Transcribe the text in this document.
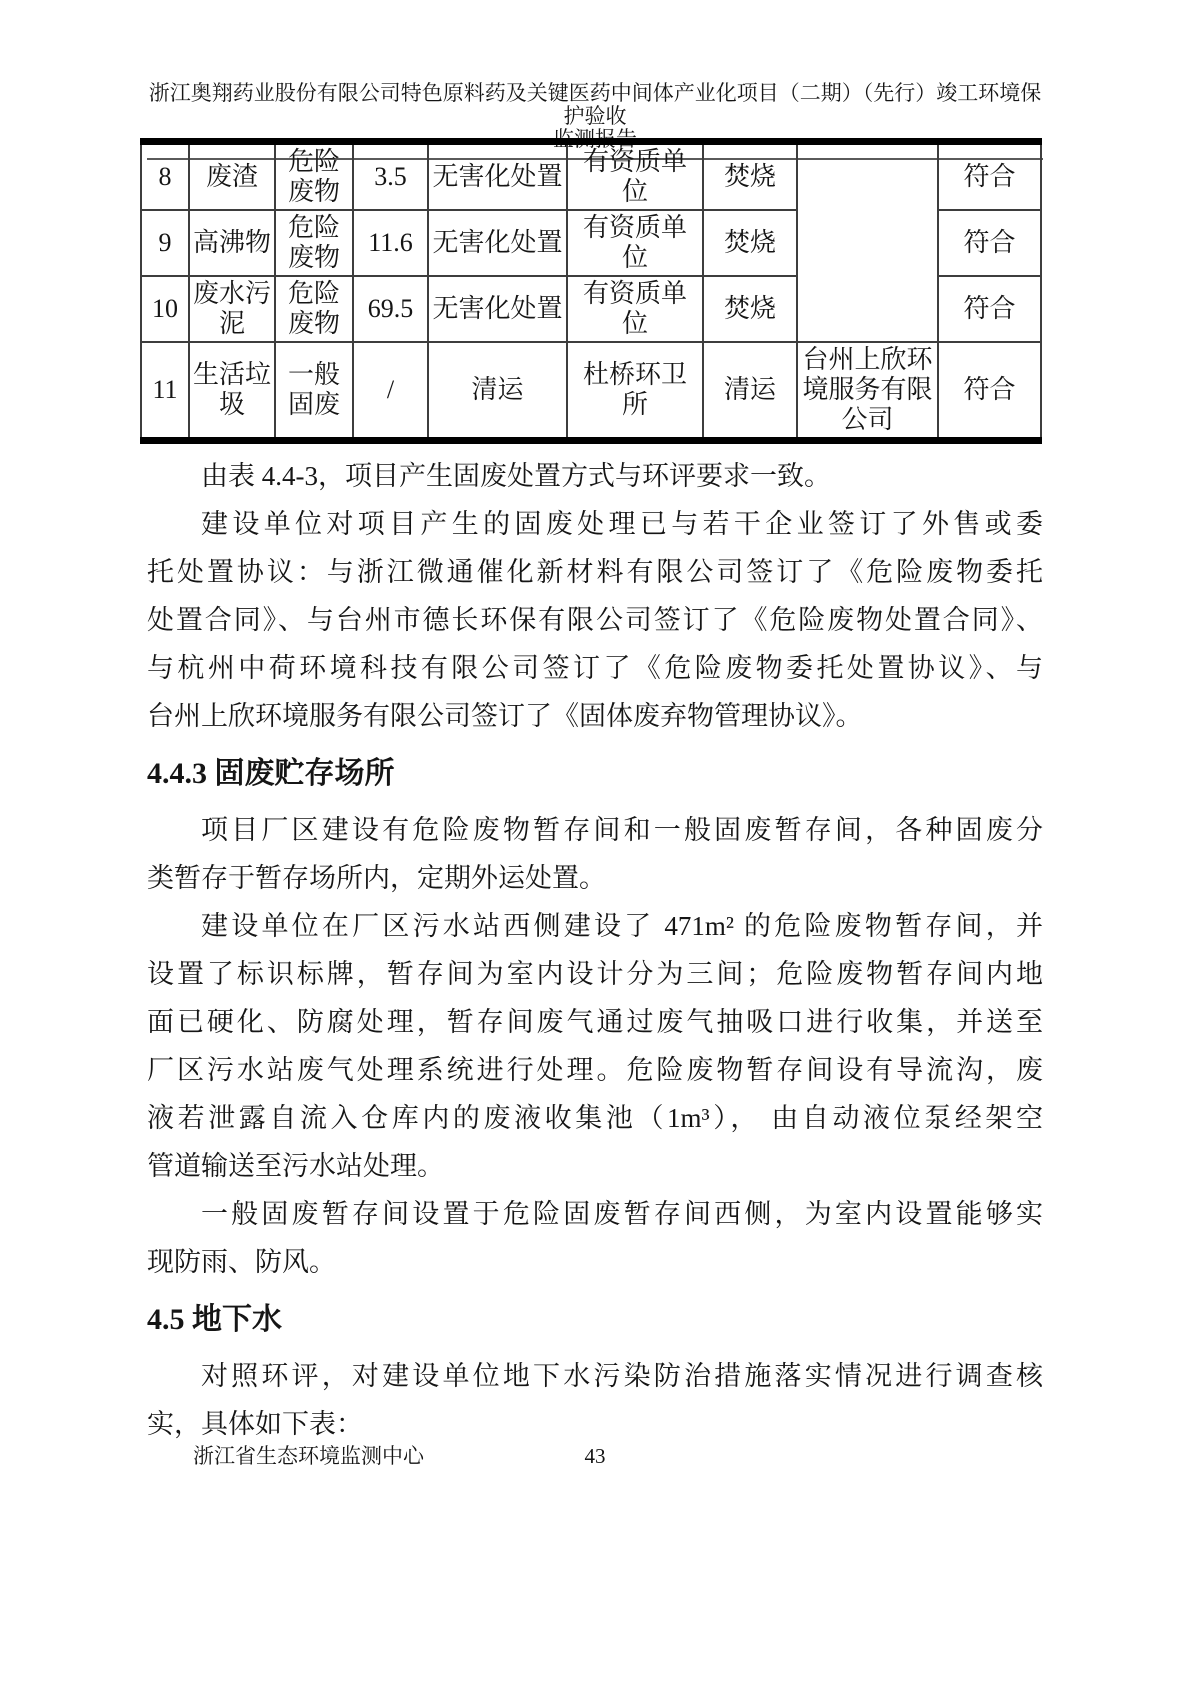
浙江奥翔药业股份有限公司特色原料药及关键医药中间体产业化项目（二期）（先行）竣工环境保护验收
监测报告
8	废渣	危险废物	3.5	无害化处置	有资质单位	焚烧		符合
9	高沸物	危险废物	11.6	无害化处置	有资质单位	焚烧		符合
10	废水污泥	危险废物	69.5	无害化处置	有资质单位	焚烧		符合
11	生活垃圾	一般固废	/	清运	杜桥环卫所	清运	台州上欣环境服务有限公司	符合
由表 4.4-3，项目产生固废处置方式与环评要求一致。
建设单位对项目产生的固废处理已与若干企业签订了外售或委
托处置协议：与浙江微通催化新材料有限公司签订了《危险废物委托
处置合同》、与台州市德长环保有限公司签订了《危险废物处置合同》、
与杭州中荷环境科技有限公司签订了《危险废物委托处置协议》、与
台州上欣环境服务有限公司签订了《固体废弃物管理协议》。
4.4.3 固废贮存场所
项目厂区建设有危险废物暂存间和一般固废暂存间，各种固废分
类暂存于暂存场所内，定期外运处置。
建设单位在厂区污水站西侧建设了 471m² 的危险废物暂存间，并
设置了标识标牌，暂存间为室内设计分为三间；危险废物暂存间内地
面已硬化、防腐处理，暂存间废气通过废气抽吸口进行收集，并送至
厂区污水站废气处理系统进行处理。危险废物暂存间设有导流沟，废
液若泄露自流入仓库内的废液收集池（1m³）， 由自动液位泵经架空
管道输送至污水站处理。
一般固废暂存间设置于危险固废暂存间西侧，为室内设置能够实
现防雨、防风。
4.5 地下水
对照环评，对建设单位地下水污染防治措施落实情况进行调查核
实，具体如下表：
浙江省生态环境监测中心	43
